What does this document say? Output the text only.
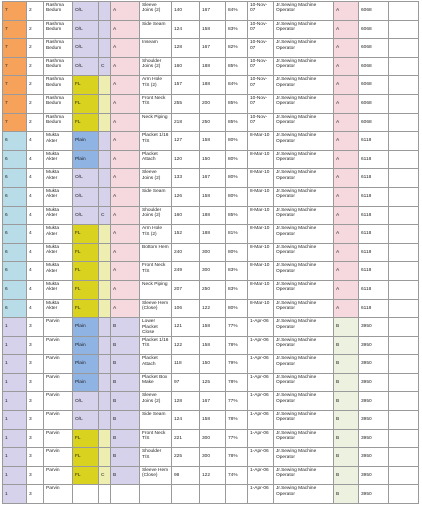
7	2	Rashma Bedum	O/L		A	Sleeve Joins (2)	140	167	84%	10-Nov-07	Jr.Sewing Machine Operator	A	6068	
7	2	Rashma Bedum	O/L		A	Side Seam	124	158	83%	10-Nov-07	Jr.Sewing Machine Operator	A	6068	
7	2	Rashma Bedum	O/L		A	Inseam	128	167	82%	10-Nov-07	Jr.Sewing Machine Operator	A	6068	
7	2	Rashma Bedum	O/L	C	A	Shoulder Joins (2)	160	188	85%	10-Nov-07	Jr.Sewing Machine Operator	A	6068	
7	2	Rashma Bedum	FL		A	Arm Hole T/S (2)	157	188	84%	10-Nov-07	Jr.Sewing Machine Operator	A	6068	
7	2	Rashma Bedum	FL		A	Front Neck T/S	255	200	85%	10-Nov-07	Jr.Sewing Machine Operator	A	6068	
7	2	Rashma Bedum	FL		A	Neck Piping	218	250	85%	10-Nov-07	Jr.Sewing Machine Operator	A	6068	
6	4	Mukta Akter	Plain		A	Placket 1/16 T/S	127	158	80%	8-Mar-10	Jr.Sewing Machine Operator	A	6118	
6	4	Mukta Akter	Plain		A	Placket Attach	120	150	80%	8-Mar-10	Jr.Sewing Machine Operator	A	6118	
6	4	Mukta Akter	O/L		A	Sleeve Joins (2)	133	167	80%	8-Mar-10	Jr.Sewing Machine Operator	A	6118	
6	4	Mukta Akter	O/L		A	Side Seam	126	158	80%	8-Mar-10	Jr.Sewing Machine Operator	A	6118	
6	4	Mukta Akter	O/L	C	A	Shoulder Joins (2)	160	188	85%	8-Mar-10	Jr.Sewing Machine Operator	A	6118	
6	4	Mukta Akter	FL		A	Arm Hole T/S (2)	152	188	81%	8-Mar-10	Jr.Sewing Machine Operator	A	6118	
6	4	Mukta Akter	FL		A	Bottom Hem	240	300	80%	8-Mar-10	Jr.Sewing Machine Operator	A	6118	
6	4	Mukta Akter	FL		A	Front Neck T/S	249	300	83%	8-Mar-10	Jr.Sewing Machine Operator	A	6118	
6	4	Mukta Akter	FL		A	Neck Piping	207	250	83%	8-Mar-10	Jr.Sewing Machine Operator	A	6118	
6	4	Mukta Akter	FL		A	Sleeve Hem (Close)	106	122	80%	8-Mar-10	Jr.Sewing Machine Operator	A	6118	
1	3	Parvin	Plain		B	Lower Placket Close	121	158	77%	1-Apr-06	Jr.Sewing Machine Operator	B	3950	
1	3	Parvin	Plain		B	Placket 1/16 T/S	122	158	78%	1-Apr-06	Jr.Sewing Machine Operator	B	3950	
1	3	Parvin	Plain		B	Placket Attach	118	150	79%	1-Apr-06	Jr.Sewing Machine Operator	B	3950	
1	3	Parvin	Plain		B	Placket Box Make	97	125	78%	1-Apr-06	Jr.Sewing Machine Operator	B	3950	
1	3	Parvin	O/L		B	Sleeve Joins (2)	128	167	77%	1-Apr-06	Jr.Sewing Machine Operator	B	3950	
1	3	Parvin	O/L		B	Side Seam	124	158	78%	1-Apr-06	Jr.Sewing Machine Operator	B	3950	
1	3	Parvin	FL		B	Front Neck T/S	221	300	77%	1-Apr-06	Jr.Sewing Machine Operator	B	3950	
1	3	Parvin	FL		B	Shoulder T/S	225	300	78%	1-Apr-06	Jr.Sewing Machine Operator	B	3950	
1	3	Parvin	FL	C	B	Sleeve Hem (Close)	98	122	74%	1-Apr-06	Jr.Sewing Machine Operator	B	3950	
1	3	Parvin								1-Apr-06	Jr.Sewing Machine Operator	B	3950	
